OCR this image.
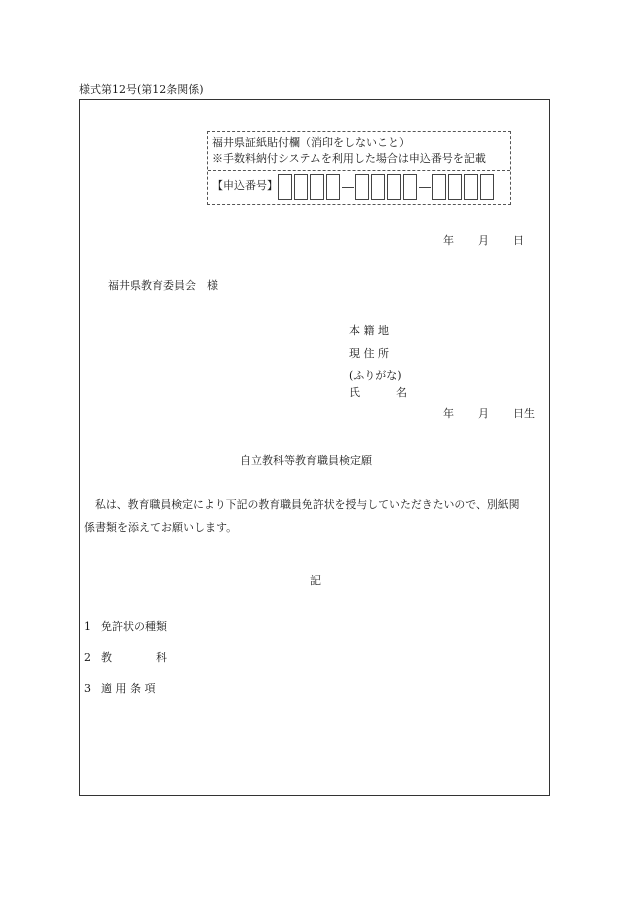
様式第12号(第12条関係)
福井県証紙貼付欄（消印をしないこと）
※手数料納付システムを利用した場合は申込番号を記載
【申込番号】
年 月 日
福井県教育委員会　様
本 籍 地
現 住 所
(ふりがな)
氏	名
年 月 日生
自立教科等教育職員検定願
私は、教育職員検定により下記の教育職員免許状を授与していただきたいので、別紙関
係書類を添えてお願いします。
記
1 免許状の種類
2 教　　　　科
3 適 用 条 項
